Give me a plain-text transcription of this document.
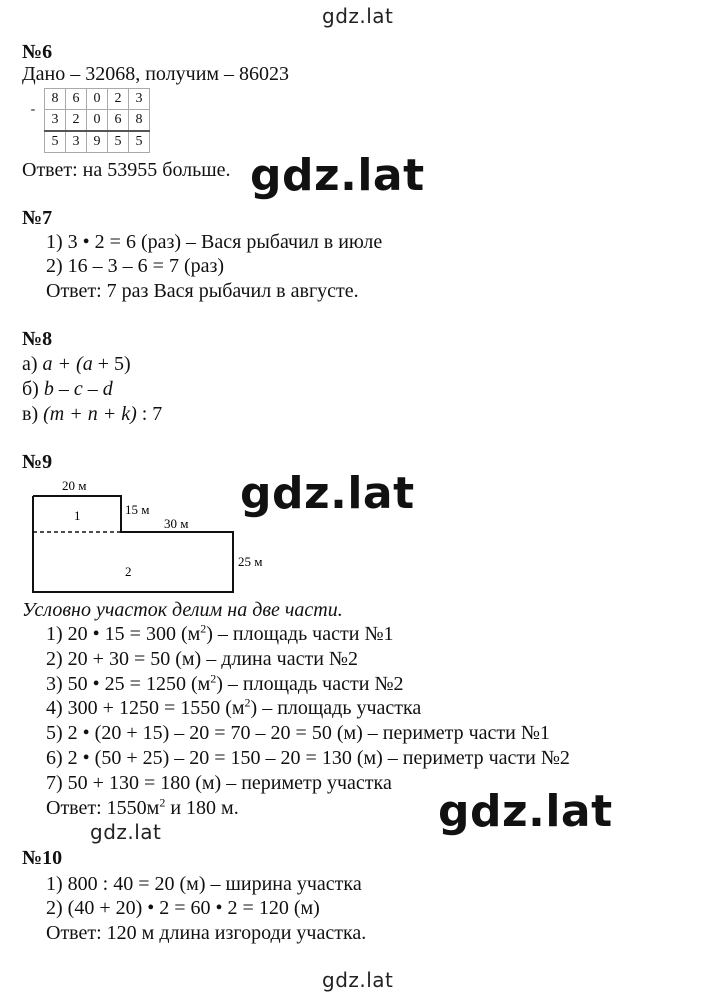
gdz.lat
gdz.lat
gdz.lat
gdz.lat
gdz.lat
gdz.lat
№6
Дано – 32068, получим – 86023
-	8	6	0	2	3
	3	2	0	6	8
	5	3	9	5	5
Ответ: на 53955 больше.
№7
1) 3 • 2 = 6 (раз) – Вася рыбачил в июле
2) 16 – 3 – 6 = 7 (раз)
Ответ: 7 раз Вася рыбачил в августе.
№8
а) a + (a + 5)
б) b – c – d
в) (m + n + k) : 7
№9
20 м
15 м
30 м
25 м
1
2
Условно участок делим на две части.
1) 20 • 15 = 300 $(м^2)$ – площадь части №1
2) 20 + 30 = 50 (м) – длина части №2
3) 50 • 25 = 1250 $(м^2)$ – площадь части №2
4) 300 + 1250 = 1550 $(м^2)$ – площадь участка
5) 2 • (20 + 15) – 20 = 70 – 20 = 50 (м) – периметр части №1
6) 2 • (50 + 25) – 20 = 150 – 20 = 130 (м) – периметр части №2
7) 50 + 130 = 180 (м) – периметр участка
Ответ: $1550м^2$ и 180 м.
№10
1) 800 : 40 = 20 (м) – ширина участка
2) (40 + 20) • 2 = 60 • 2 = 120 (м)
Ответ: 120 м длина изгороди участка.
